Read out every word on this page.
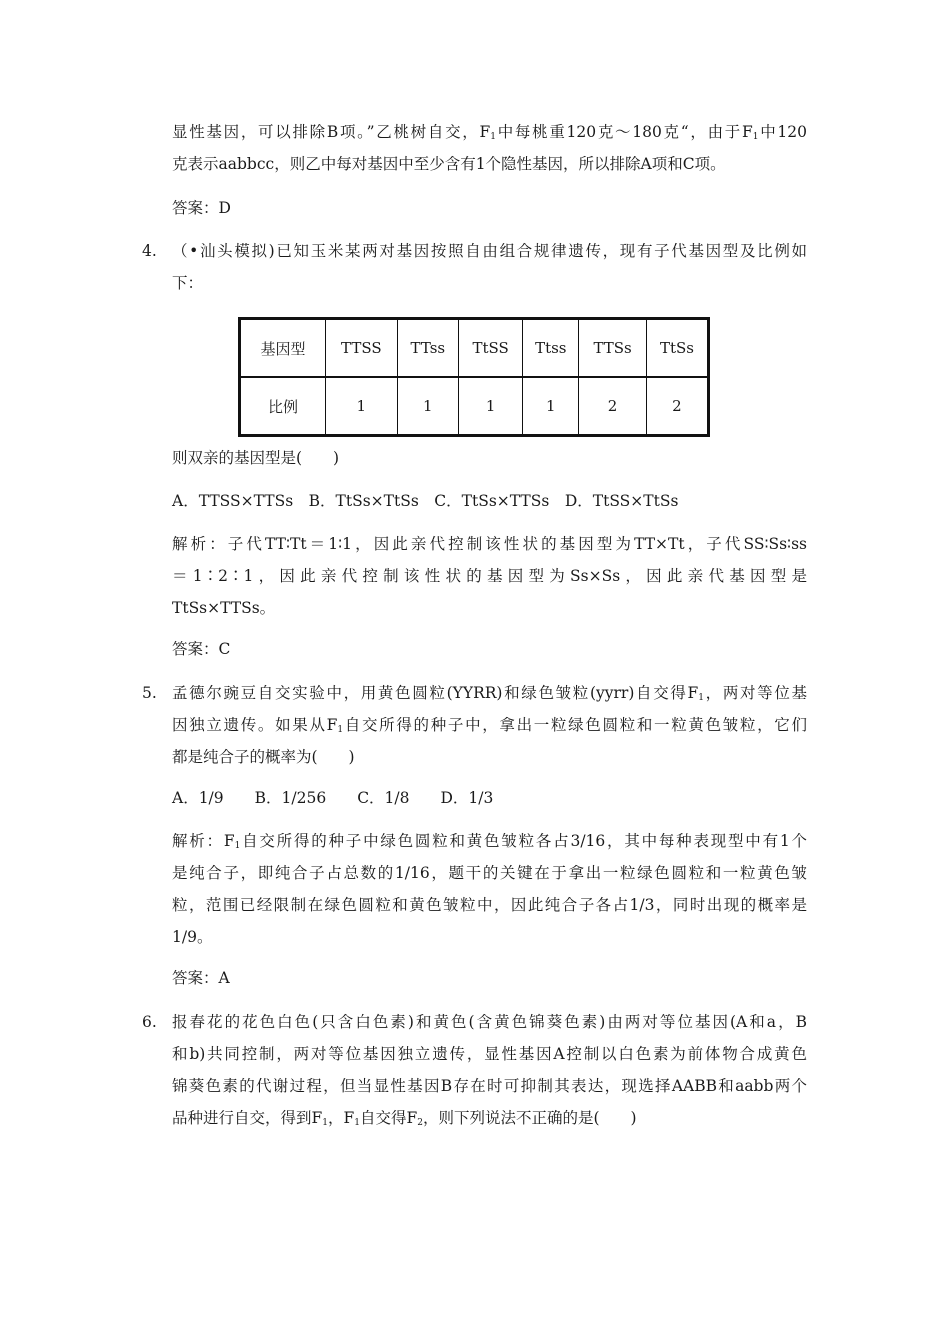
显性基因，可以排除B项。”乙桃树自交，$F_1$中每桃重120克～180克“，由于$F_1$中120
克表示aabbcc，则乙中每对基因中至少含有1个隐性基因，所以排除A项和C项。
答案：D
4. （•汕头模拟)已知玉米某两对基因按照自由组合规律遗传，现有子代基因型及比例如
下：
基因型	TTSS	TTss	TtSS	Ttss	TTSs	TtSs
比例	1	1	1	1	2	2
则双亲的基因型是(　　)
A．TTSS×TTSs　B．TtSs×TtSs　C．TtSs×TTSs　D．TtSS×TtSs
解析：子代TT∶Tt＝1∶1，因此亲代控制该性状的基因型为TT×Tt，子代SS∶Ss∶ss
＝1∶2∶1，因此亲代控制该性状的基因型为Ss×Ss，因此亲代基因型是
TtSs×TTSs。
答案：C
5. 孟德尔豌豆自交实验中，用黄色圆粒(YYRR)和绿色皱粒(yyrr)自交得$F_1$，两对等位基
因独立遗传。如果从$F_1$自交所得的种子中，拿出一粒绿色圆粒和一粒黄色皱粒，它们
都是纯合子的概率为(　　)
A．1/9　　B．1/256　　C．1/8　　D．1/3
解析：$F_1$自交所得的种子中绿色圆粒和黄色皱粒各占3/16，其中每种表现型中有1个
是纯合子，即纯合子占总数的1/16，题干的关键在于拿出一粒绿色圆粒和一粒黄色皱
粒，范围已经限制在绿色圆粒和黄色皱粒中，因此纯合子各占1/3，同时出现的概率是
1/9。
答案：A
6. 报春花的花色白色(只含白色素)和黄色(含黄色锦葵色素)由两对等位基因(A和a，B
和b)共同控制，两对等位基因独立遗传，显性基因A控制以白色素为前体物合成黄色
锦葵色素的代谢过程，但当显性基因B存在时可抑制其表达，现选择AABB和aabb两个
品种进行自交，得到$F_1$，$F_1$自交得$F_2$，则下列说法不正确的是(　　)
